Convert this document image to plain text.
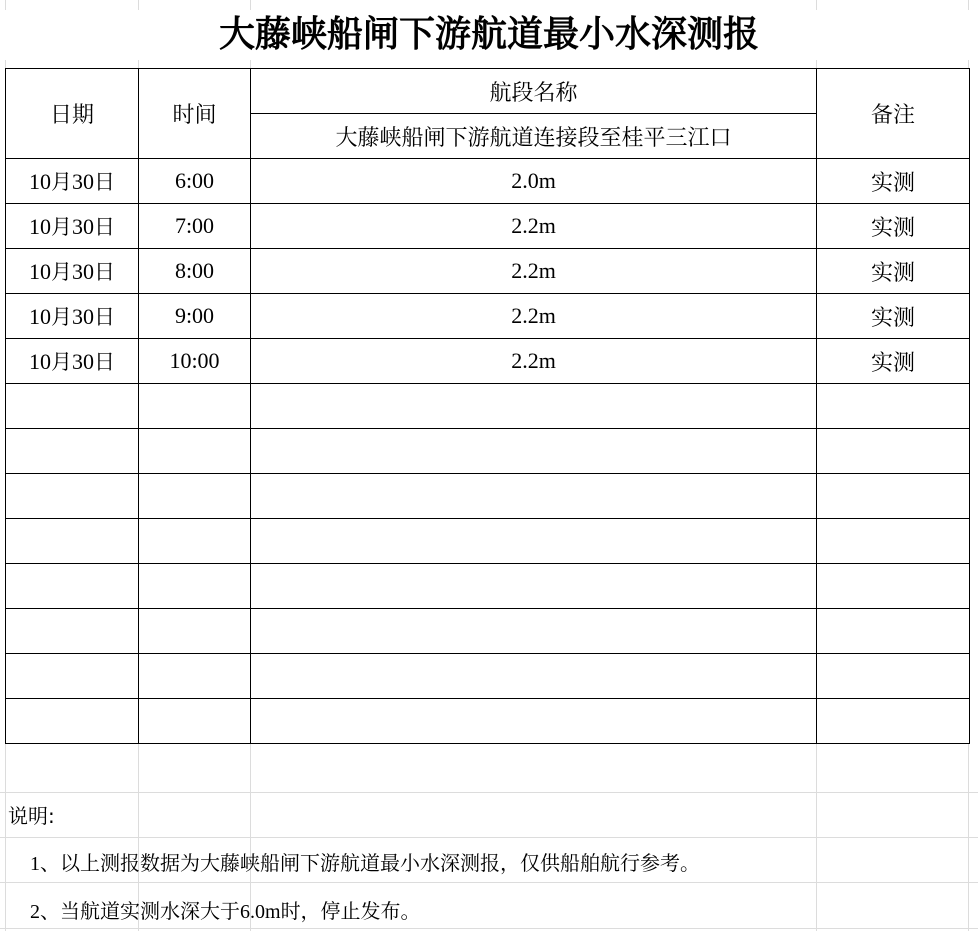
大藤峡船闸下游航道最小水深测报
日期	时间	航段名称	备注
		大藤峡船闸下游航道连接段至桂平三江口	
10月30日	6:00	2.0m	实测
10月30日	7:00	2.2m	实测
10月30日	8:00	2.2m	实测
10月30日	9:00	2.2m	实测
10月30日	10:00	2.2m	实测

说明:
1、以上测报数据为大藤峡船闸下游航道最小水深测报，仅供船舶航行参考。
2、当航道实测水深大于6.0m时，停止发布。
